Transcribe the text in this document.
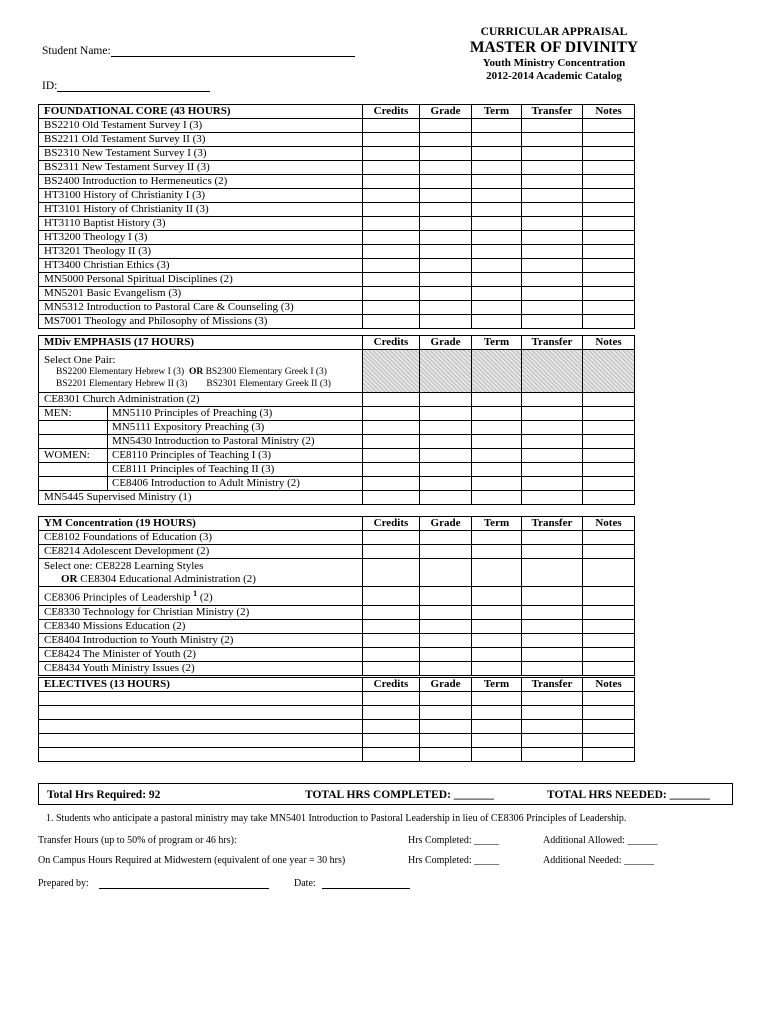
CURRICULAR APPRAISAL
MASTER OF DIVINITY
Youth Ministry Concentration
2012-2014 Academic Catalog
Student Name:
ID:
FOUNDATIONAL CORE (43 HOURS)	Credits	Grade	Term	Transfer	Notes
BS2210 Old Testament Survey I (3)					
BS2211 Old Testament Survey II (3)					
BS2310 New Testament Survey I (3)					
BS2311 New Testament Survey II (3)					
BS2400 Introduction to Hermeneutics (2)					
HT3100 History of Christianity I (3)					
HT3101 History of Christianity II (3)					
HT3110 Baptist History (3)					
HT3200 Theology I (3)					
HT3201 Theology II (3)					
HT3400 Christian Ethics (3)					
MN5000 Personal Spiritual Disciplines (2)					
MN5201 Basic Evangelism (3)					
MN5312 Introduction to Pastoral Care & Counseling (3)					
MS7001 Theology and Philosophy of Missions (3)					
MDiv EMPHASIS (17 HOURS)	Credits	Grade	Term	Transfer	Notes

Select One Pair:
BS2200 Elementary Hebrew I (3) OR BS2300 Elementary Greek I (3)
BS2201 Elementary Hebrew II (3) BS2301 Elementary Greek II (3)					

CE8301 Church Administration (2)					
MEN: MN5110 Principles of Preaching (3)					
MN5111 Expository Preaching (3)					
MN5430 Introduction to Pastoral Ministry (2)					
WOMEN: CE8110 Principles of Teaching I (3)					
CE8111 Principles of Teaching II (3)					
CE8406 Introduction to Adult Ministry (2)					
MN5445 Supervised Ministry (1)					
YM Concentration (19 HOURS)	Credits	Grade	Term	Transfer	Notes
CE8102 Foundations of Education (3)					
CE8214 Adolescent Development (2)					

Select one: CE8228 Learning Styles
OR CE8304 Educational Administration (2)					

CE8306 Principles of Leadership $^1$ (2)					
CE8330 Technology for Christian Ministry (2)					
CE8340 Missions Education (2)					
CE8404 Introduction to Youth Ministry (2)					
CE8424 The Minister of Youth (2)					
CE8434 Youth Ministry Issues (2)					
ELECTIVES (13 HOURS)	Credits	Grade	Term	Transfer	Notes

Total Hrs Required: 92	TOTAL HRS COMPLETED: _______	TOTAL HRS NEEDED: _______
1. Students who anticipate a pastoral ministry may take MN5401 Introduction to Pastoral Leadership in lieu of CE8306 Principles of Leadership.
Transfer Hours (up to 50% of program or 46 hrs):	Hrs Completed: _____	Additional Allowed: ______
On Campus Hours Required at Midwestern (equivalent of one year = 30 hrs)	Hrs Completed: _____	Additional Needed: ______
Prepared by:	Date:
